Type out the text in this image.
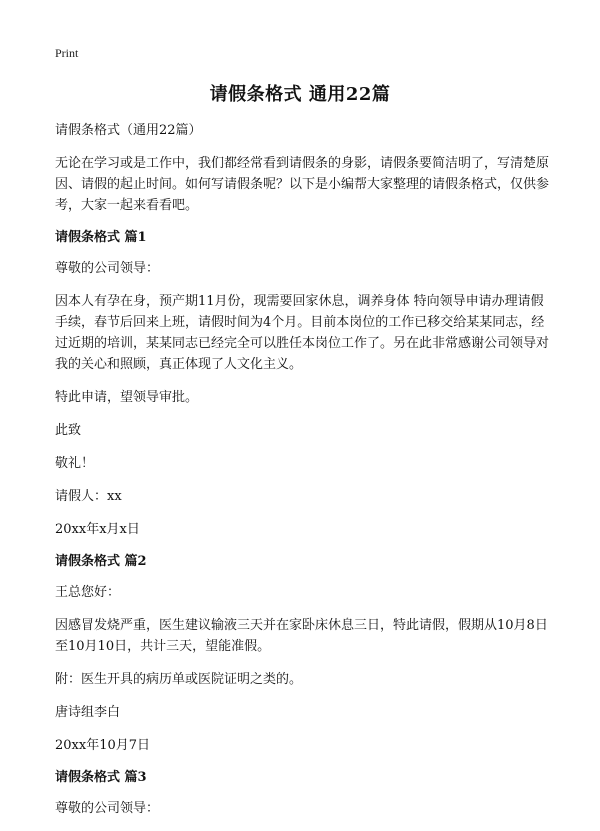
Print
请假条格式 通用22篇

请假条格式（通用22篇）

无论在学习或是工作中，我们都经常看到请假条的身影，请假条要简洁明了，写清楚原因、请假的起止时间。如何写请假条呢？以下是小编帮大家整理的请假条格式，仅供参考，大家一起来看看吧。

请假条格式 篇1

尊敬的公司领导：

因本人有孕在身，预产期11月份，现需要回家休息，调养身体 特向领导申请办理请假手续，春节后回来上班，请假时间为4个月。目前本岗位的工作已移交给某某同志，经过近期的培训，某某同志已经完全可以胜任本岗位工作了。另在此非常感谢公司领导对我的关心和照顾，真正体现了人文化主义。

特此申请，望领导审批。

此致

敬礼！

请假人：xx

20xx年x月x日

请假条格式 篇2

王总您好：

因感冒发烧严重，医生建议输液三天并在家卧床休息三日，特此请假，假期从10月8日至10月10日，共计三天，望能准假。

附：医生开具的病历单或医院证明之类的。

唐诗组李白

20xx年10月7日

请假条格式 篇3

尊敬的公司领导：
